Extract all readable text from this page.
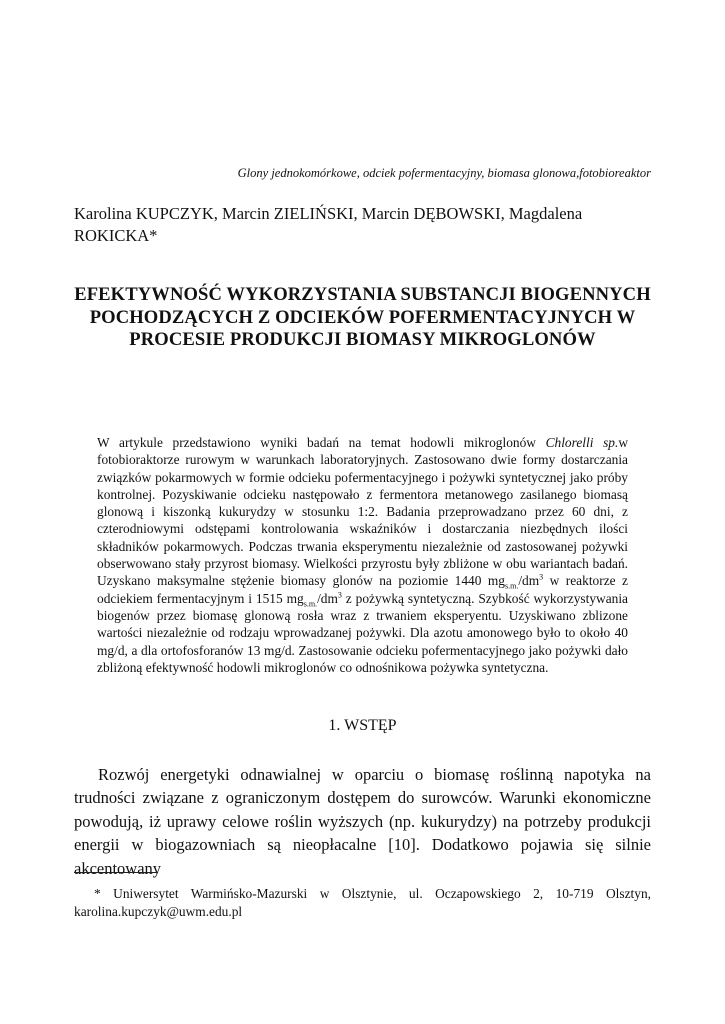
Glony jednokomórkowe, odciek pofermentacyjny, biomasa glonowa,fotobioreaktor
Karolina KUPCZYK, Marcin ZIELIŃSKI, Marcin DĘBOWSKI, Magdalena ROKICKA*
EFEKTYWNOŚĆ WYKORZYSTANIA SUBSTANCJI BIOGENNYCH POCHODZĄCYCH Z ODCIEKÓW POFERMENTACYJNYCH W PROCESIE PRODUKCJI BIOMASY MIKROGLONÓW
W artykule przedstawiono wyniki badań na temat hodowli mikroglonów Chlorelli sp.w fotobioraktorze rurowym w warunkach laboratoryjnych. Zastosowano dwie formy dostarczania związków pokarmowych w formie odcieku pofermentacyjnego i pożywki syntetycznej jako próby kontrolnej. Pozyskiwanie odcieku następowało z fermentora metanowego zasilanego biomasą glonową i kiszonką kukurydzy w stosunku 1:2. Badania przeprowadzano przez 60 dni, z czterodniowymi odstępami kontrolowania wskaźników i dostarczania niezbędnych ilości składników pokarmowych. Podczas trwania eksperymentu niezależnie od zastosowanej pożywki obserwowano stały przyrost biomasy. Wielkości przyrostu były zbliżone w obu wariantach badań. Uzyskano maksymalne stężenie biomasy glonów na poziomie 1440 $mg_{s.m.}/dm^3$ w reaktorze z odciekiem fermentacyjnym i 1515 $mg_{s.m.}/dm^3$ z pożywką syntetyczną. Szybkość wykorzystywania biogenów przez biomasę glonową rosła wraz z trwaniem eksperyentu. Uzyskiwano zblizone wartości niezależnie od rodzaju wprowadzanej pożywki. Dla azotu amonowego było to około 40 mg/d, a dla ortofosforanów 13 mg/d. Zastosowanie odcieku pofermentacyjnego jako pożywki dało zbliżoną efektywność hodowli mikroglonów co odnośnikowa pożywka syntetyczna.
1. WSTĘP
Rozwój energetyki odnawialnej w oparciu o biomasę roślinną napotyka na trudności związane z ograniczonym dostępem do surowców. Warunki ekonomiczne powodują, iż uprawy celowe roślin wyższych (np. kukurydzy) na potrzeby produkcji energii w biogazowniach są nieopłacalne [10]. Dodatkowo pojawia się silnie akcentowany
* Uniwersytet Warmińsko-Mazurski w Olsztynie, ul. Oczapowskiego 2, 10-719 Olsztyn, karolina.kupczyk@uwm.edu.pl
